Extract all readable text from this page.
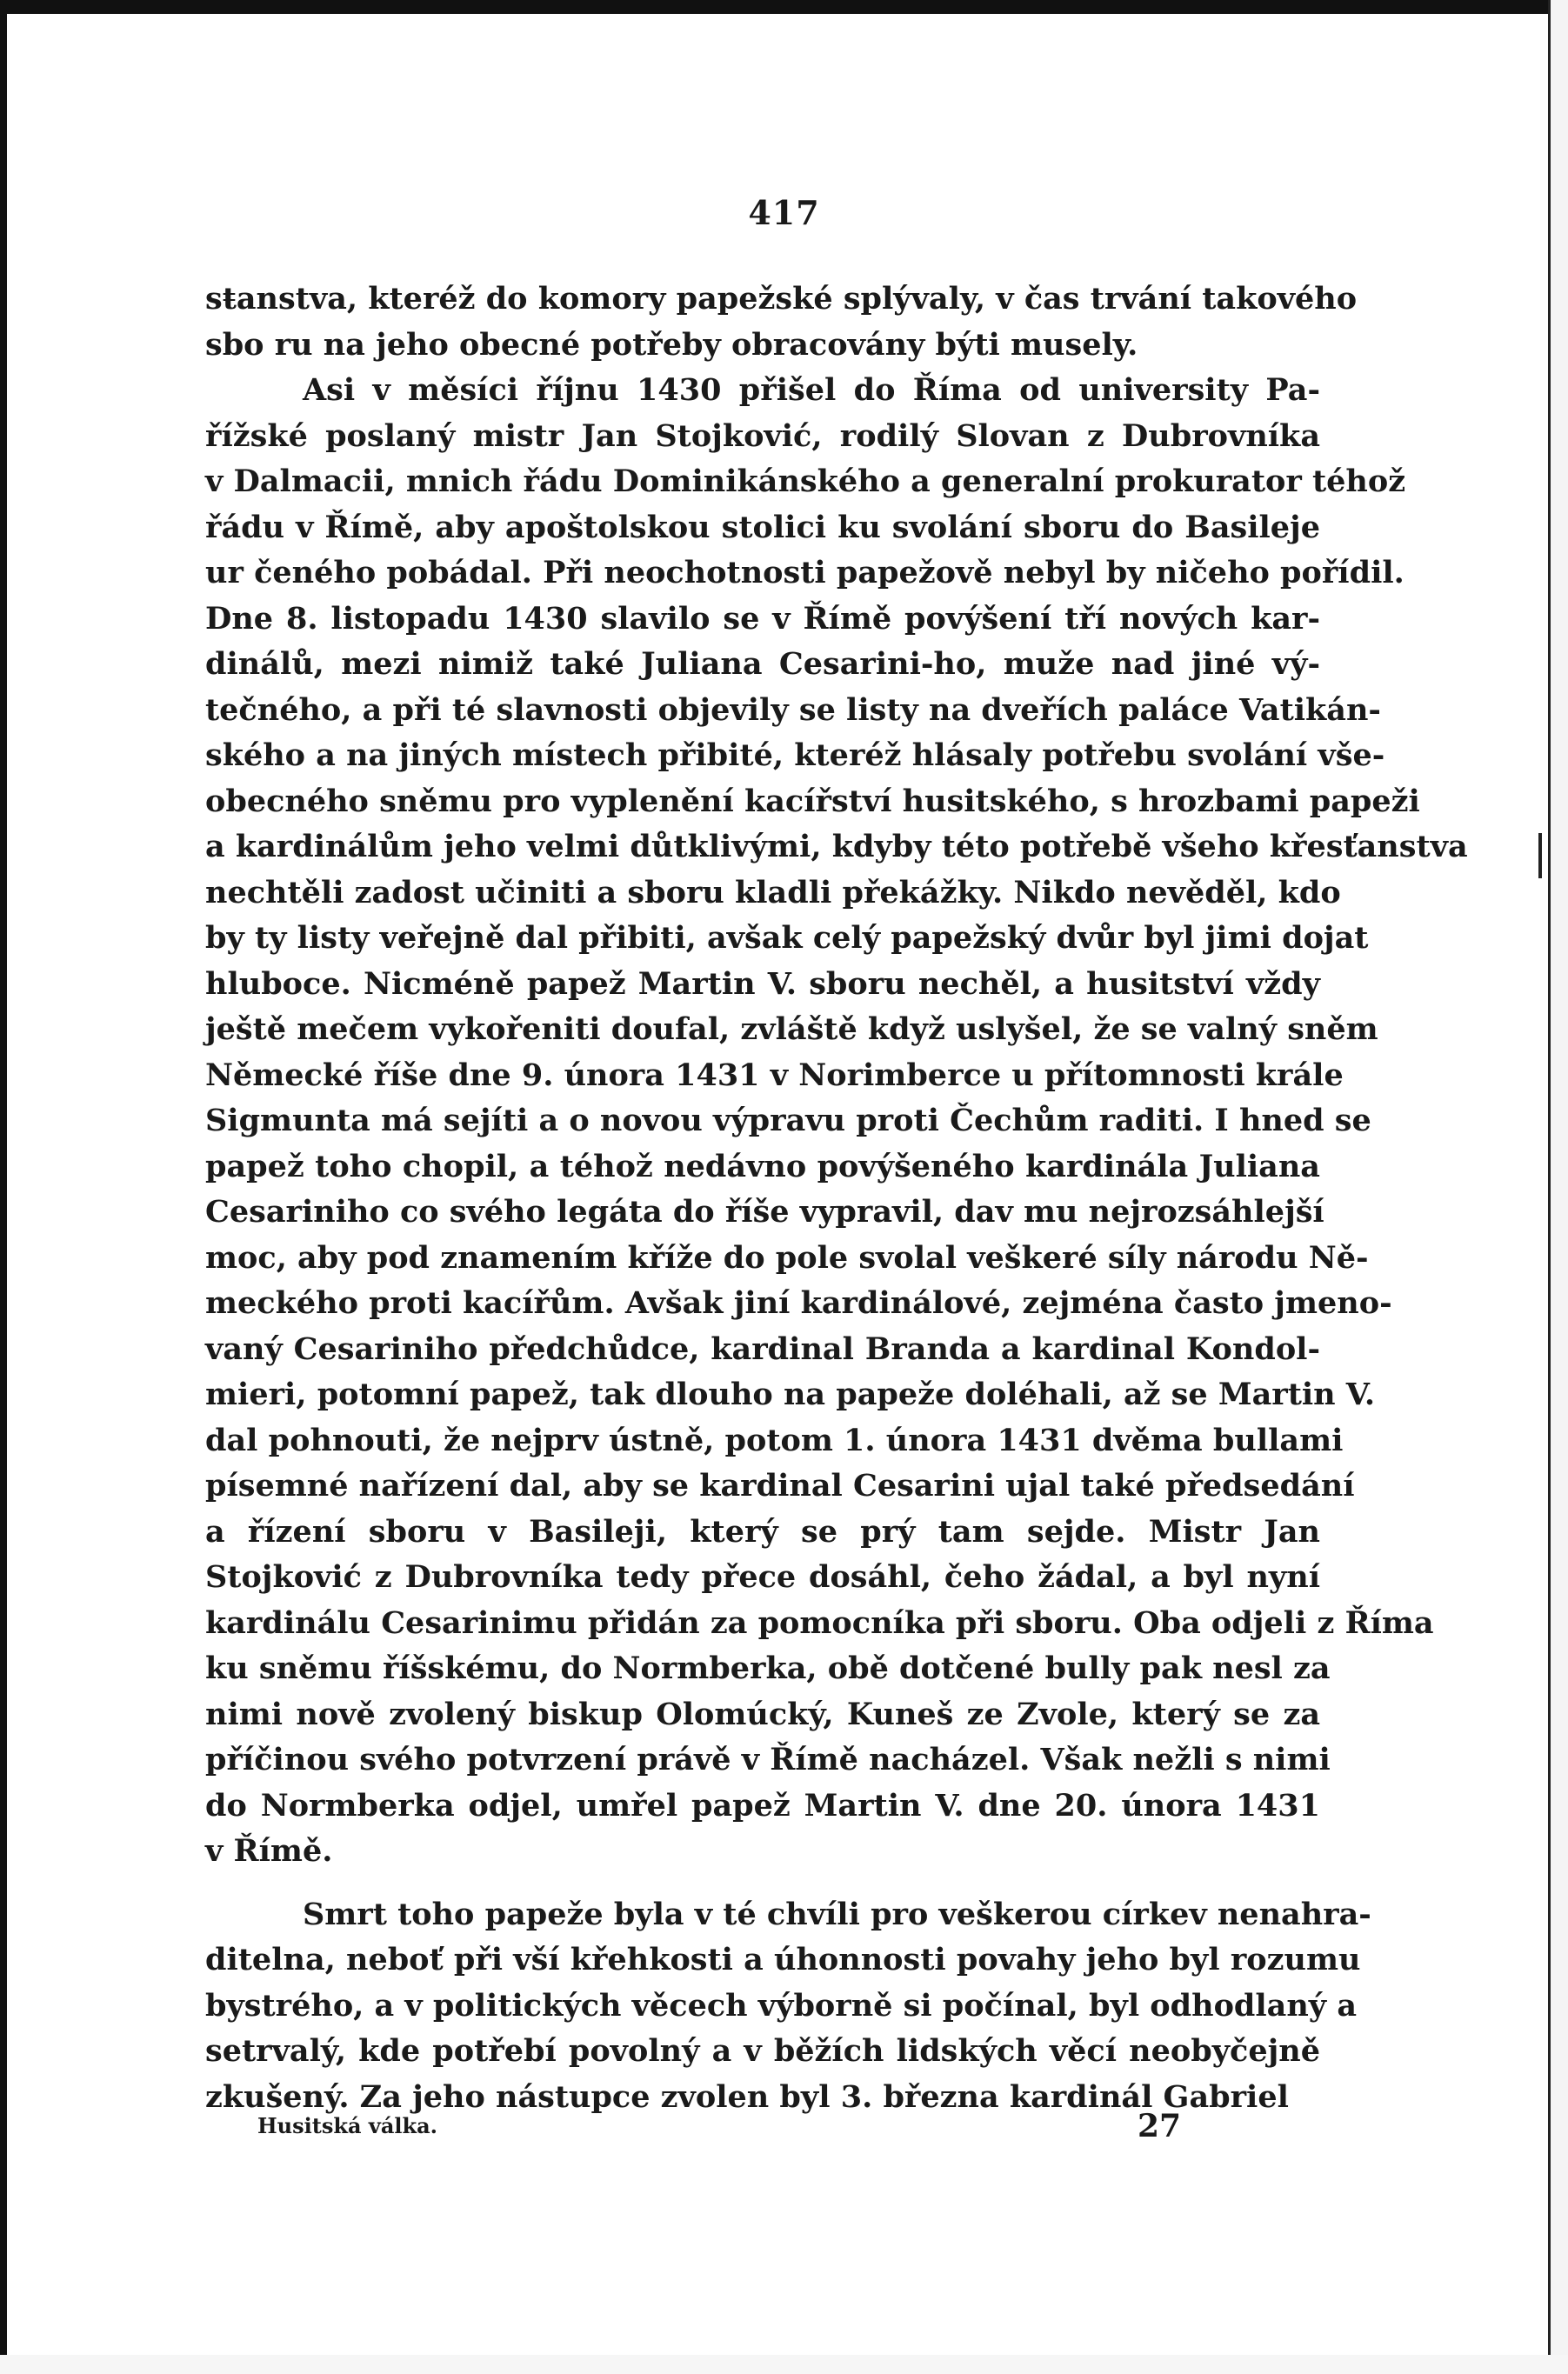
417
sŧanstva, kteréž do komory papežské splývaly, v čas trvání takového
sbo ru na jeho obecné potřeby obracovány býti musely.
Asi v měsíci říjnu 1430 přišel do Říma od university Pa-
řížské poslaný mistr Jan Stojković, rodilý Slovan z Dubrovníka
v Dalmacii, mnich řádu Dominikánského a generalní prokurator téhož
řádu v Římě, aby apoštolskou stolici ku svolání sboru do Basileje
ur čeného pobádal. Při neochotnosti papežově nebyl by ničeho pořídil.
Dne 8. listopadu 1430 slavilo se v Římě povýšení tří nových kar-
dinálů, mezi nimiž také Juliana Cesarini-ho, muže nad jiné vý-
tečného, a při té slavnosti objevily se listy na dveřích paláce Vatikán-
ského a na jiných místech přibité, kteréž hlásaly potřebu svolání vše-
obecného sněmu pro vyplenění kacířství husitského, s hrozbami papeži
a kardinálům jeho velmi důtklivými, kdyby této potřebě všeho křesťanstva
nechtěli zadost učiniti a sboru kladli překážky. Nikdo nevěděl, kdo
by ty listy veřejně dal přibiti, avšak celý papežský dvůr byl jimi dojat
hluboce. Nicméně papež Martin V. sboru nechěl, a husitství vždy
ještě mečem vykořeniti doufal, zvláště když uslyšel, že se valný sněm
Německé říše dne 9. února 1431 v Norimberce u přítomnosti krále
Sigmunta má sejíti a o novou výpravu proti Čechům raditi. I hned se
papež toho chopil, a téhož nedávno povýšeného kardinála Juliana
Cesariniho co svého legáta do říše vypravil, dav mu nejrozsáhlejší
moc, aby pod znamením kříže do pole svolal veškeré síly národu Ně-
meckého proti kacířům. Avšak jiní kardinálové, zejména často jmeno-
vaný Cesariniho předchůdce, kardinal Branda a kardinal Kondol-
mieri, potomní papež, tak dlouho na papeže doléhali, až se Martin V.
dal pohnouti, že nejprv ústně, potom 1. února 1431 dvěma bullami
písemné nařízení dal, aby se kardinal Cesarini ujal také předsedání
a řízení sboru v Basileji, který se prý tam sejde. Mistr Jan
Stojković z Dubrovníka tedy přece dosáhl, čeho žádal, a byl nyní
kardinálu Cesarinimu přidán za pomocníka při sboru. Oba odjeli z Říma
ku sněmu říšskému, do Normberka, obě dotčené bully pak nesl za
nimi nově zvolený biskup Olomúcký, Kuneš ze Zvole, který se za
příčinou svého potvrzení právě v Římě nacházel. Však nežli s nimi
do Normberka odjel, umřel papež Martin V. dne 20. února 1431
v Římě.
Smrt toho papeže byla v té chvíli pro veškerou církev nenahra-
ditelna, neboť při vší křehkosti a úhonnosti povahy jeho byl rozumu
bystrého, a v politických věcech výborně si počínal, byl odhodlaný a
setrvalý, kde potřebí povolný a v běžích lidských věcí neobyčejně
zkušený. Za jeho nástupce zvolen byl 3. března kardinál Gabriel
Husitská válka.	27
